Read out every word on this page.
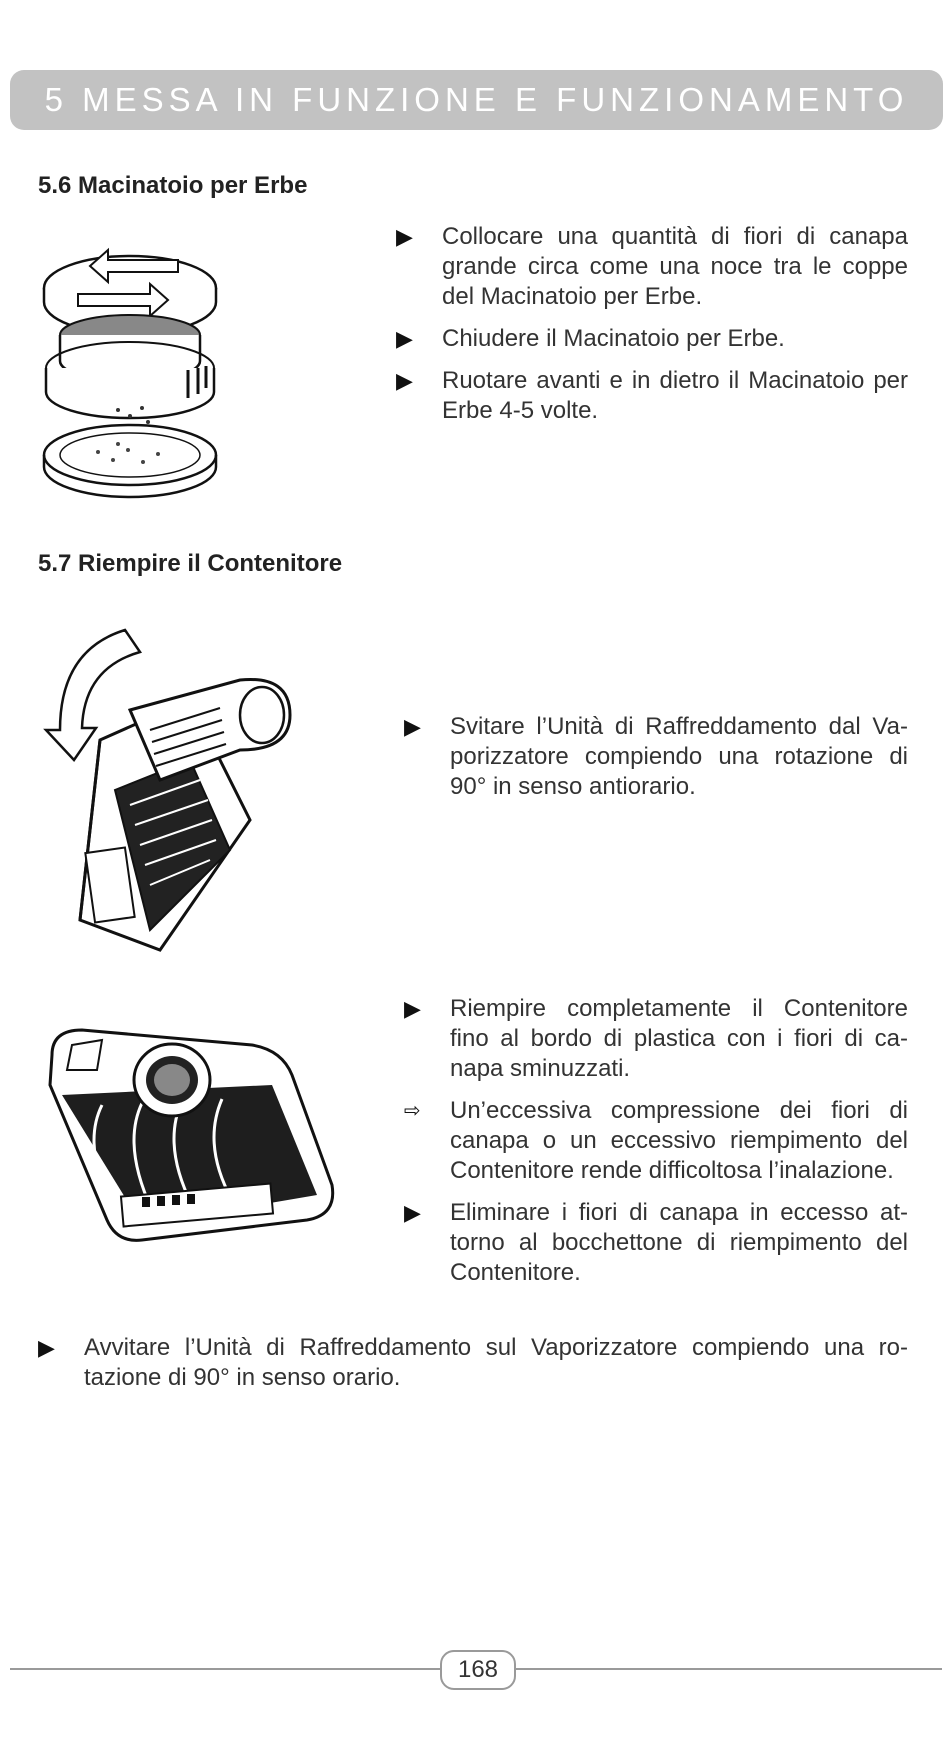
5 MESSA IN FUNZIONE E FUNZIONAMENTO
5.6 Macinatoio per Erbe
▶	Collocare una quantità di fiori di canapa grande circa come una noce tra le coppe del Macinatoio per Erbe.
▶	Chiudere il Macinatoio per Erbe.
▶	Ruotare avanti e in dietro il Macinatoio per Erbe 4-5 volte.
5.7 Riempire il Contenitore
▶	Svitare l’Unità di Raffreddamento dal Vaporizzatore compiendo una rotazione di 90° in senso antiorario.
▶	Riempire completamente il Contenitore fino al bordo di plastica con i fiori di canapa sminuzzati.
⇨	Un’eccessiva compressione dei fiori di canapa o un eccessivo riempimento del Contenitore rende difficoltosa l’inalazione.
▶	Eliminare i fiori di canapa in eccesso attorno al bocchettone di riempimento del Contenitore.
▶	Avvitare l’Unità di Raffreddamento sul Vaporizzatore compiendo una rotazione di 90° in senso orario.
168
